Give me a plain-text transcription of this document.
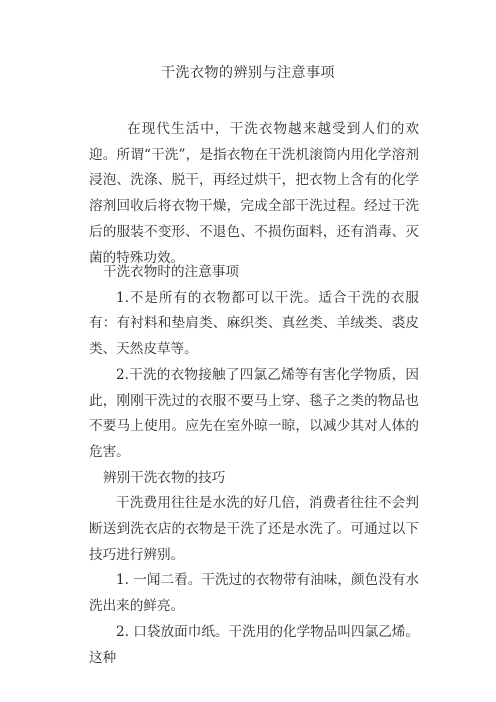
干洗衣物的辨别与注意事项

在现代生活中，干洗衣物越来越受到人们的欢迎。所谓“干洗”，是指衣物在干洗机滚筒内用化学溶剂浸泡、洗涤、脱干，再经过烘干，把衣物上含有的化学溶剂回收后将衣物干燥，完成全部干洗过程。经过干洗后的服装不变形、不退色、不损伤面料，还有消毒、灭菌的特殊功效。

干洗衣物时的注意事项

1.不是所有的衣物都可以干洗。适合干洗的衣服有：有衬料和垫肩类、麻织类、真丝类、羊绒类、裘皮类、天然皮草等。

2.干洗的衣物接触了四氯乙烯等有害化学物质，因此，刚刚干洗过的衣服不要马上穿、毯子之类的物品也不要马上使用。应先在室外晾一晾，以减少其对人体的危害。

辨别干洗衣物的技巧

干洗费用往往是水洗的好几倍，消费者往往不会判断送到洗衣店的衣物是干洗了还是水洗了。可通过以下技巧进行辨别。

1. 一闻二看。干洗过的衣物带有油味，颜色没有水洗出来的鲜亮。

2. 口袋放面巾纸。干洗用的化学物品叫四氯乙烯。这种
